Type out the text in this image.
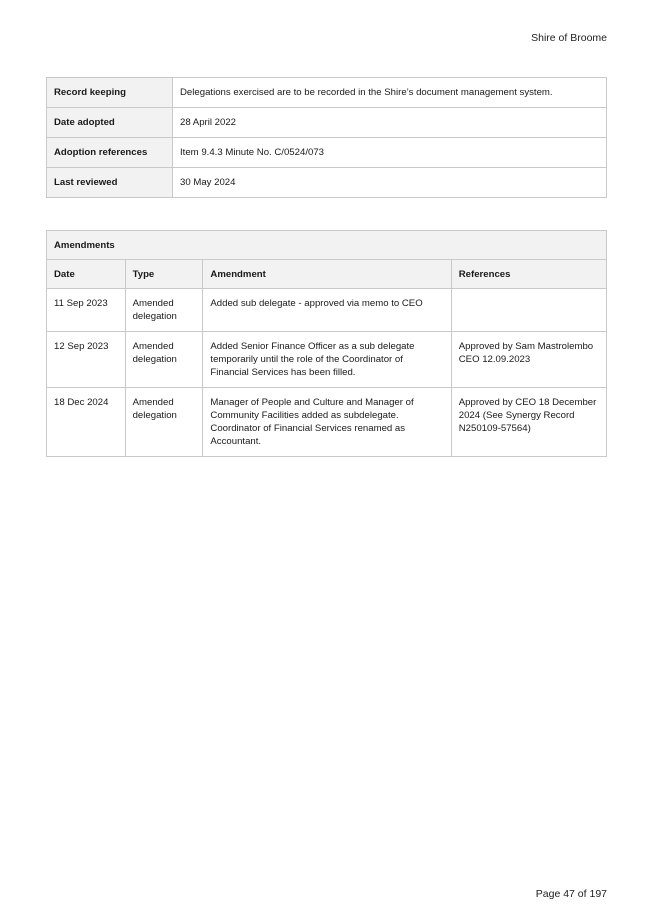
Shire of Broome
Record keeping	Delegations exercised are to be recorded in the Shire’s document management system.
Date adopted	28 April 2022
Adoption references	Item 9.4.3 Minute No. C/0524/073
Last reviewed	30 May 2024
Amendments			
Date	Type	Amendment	References
11 Sep 2023	Amended delegation	Added sub delegate - approved via memo to CEO	
12 Sep 2023	Amended delegation	Added Senior Finance Officer as a sub delegate temporarily until the role of the Coordinator of Financial Services has been filled.	Approved by Sam Mastrolembo CEO 12.09.2023
18 Dec 2024	Amended delegation	Manager of People and Culture and Manager of Community Facilities added as subdelegate. Coordinator of Financial Services renamed as Accountant.	Approved by CEO 18 December 2024 (See Synergy Record N250109-57564)
Page 47 of 197
